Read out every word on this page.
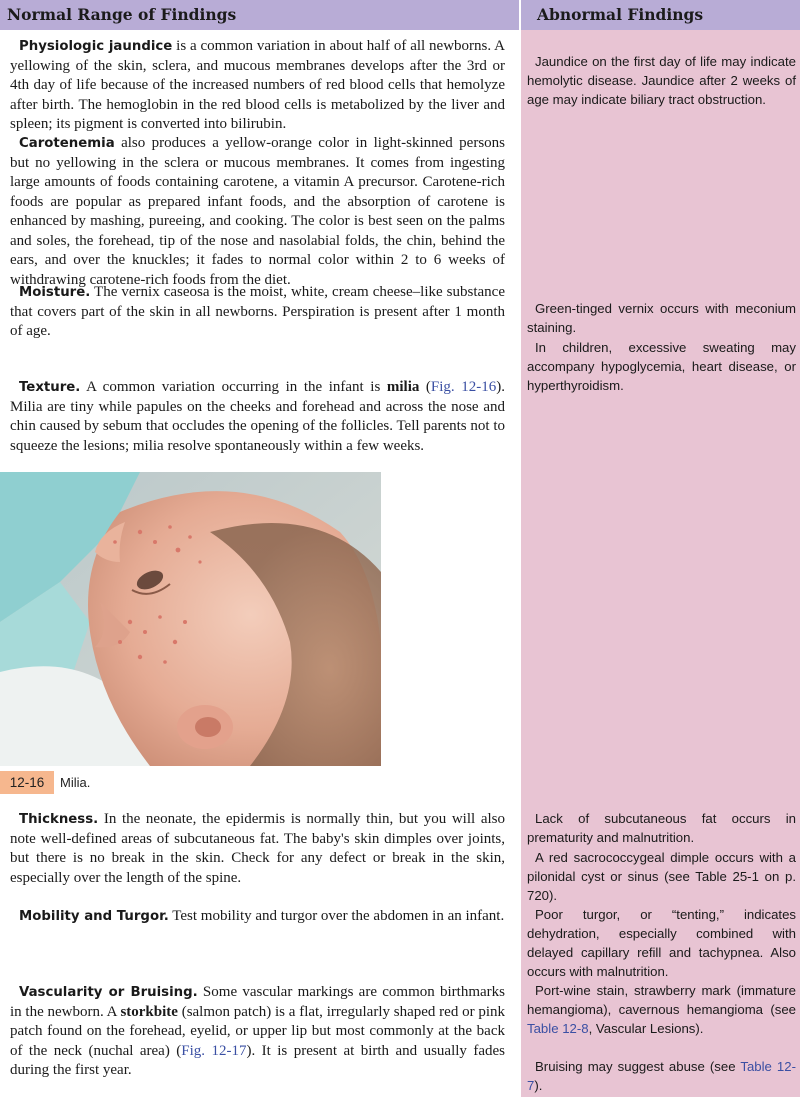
Normal Range of Findings	Abnormal Findings

Physiologic jaundice is a common variation in about half of all newborns. A yellowing of the skin, sclera, and mucous membranes develops after the 3rd or 4th day of life because of the increased numbers of red blood cells that hemolyze after birth. The hemoglobin in the red blood cells is metabolized by the liver and spleen; its pigment is converted into bilirubin.

Carotenemia also produces a yellow-orange color in light-skinned persons but no yellowing in the sclera or mucous membranes. It comes from ingesting large amounts of foods containing carotene, a vitamin A precursor. Carotene-rich foods are popular as prepared infant foods, and the absorption of carotene is enhanced by mashing, pureeing, and cooking. The color is best seen on the palms and soles, the forehead, tip of the nose and nasolabial folds, the chin, behind the ears, and over the knuckles; it fades to normal color within 2 to 6 weeks of withdrawing carotene-rich foods from the diet.

Moisture. The vernix caseosa is the moist, white, cream cheese–like substance that covers part of the skin in all newborns. Perspiration is present after 1 month of age.

Texture. A common variation occurring in the infant is milia (Fig. 12-16). Milia are tiny while papules on the cheeks and forehead and across the nose and chin caused by sebum that occludes the opening of the follicles. Tell parents not to squeeze the lesions; milia resolve spontaneously within a few weeks.

12-16	Milia.

Thickness. In the neonate, the epidermis is normally thin, but you will also note well-defined areas of subcutaneous fat. The baby's skin dimples over joints, but there is no break in the skin. Check for any defect or break in the skin, especially over the length of the spine.

Mobility and Turgor. Test mobility and turgor over the abdomen in an infant.

Vascularity or Bruising. Some vascular markings are common birthmarks in the newborn. A storkbite (salmon patch) is a flat, irregularly shaped red or pink patch found on the forehead, eyelid, or upper lip but most commonly at the back of the neck (nuchal area) (Fig. 12-17). It is present at birth and usually fades during the first year.

Jaundice on the first day of life may indicate hemolytic disease. Jaundice after 2 weeks of age may indicate biliary tract obstruction.

Green-tinged vernix occurs with meconium staining.

In children, excessive sweating may accompany hypoglycemia, heart disease, or hyperthyroidism.

Lack of subcutaneous fat occurs in prematurity and malnutrition.

A red sacrococcygeal dimple occurs with a pilonidal cyst or sinus (see Table 25-1 on p. 720).

Poor turgor, or “tenting,” indicates dehydration, especially combined with delayed capillary refill and tachypnea. Also occurs with malnutrition.

Port-wine stain, strawberry mark (immature hemangioma), cavernous hemangioma (see Table 12-8, Vascular Lesions).

Bruising may suggest abuse (see Table 12-7).
